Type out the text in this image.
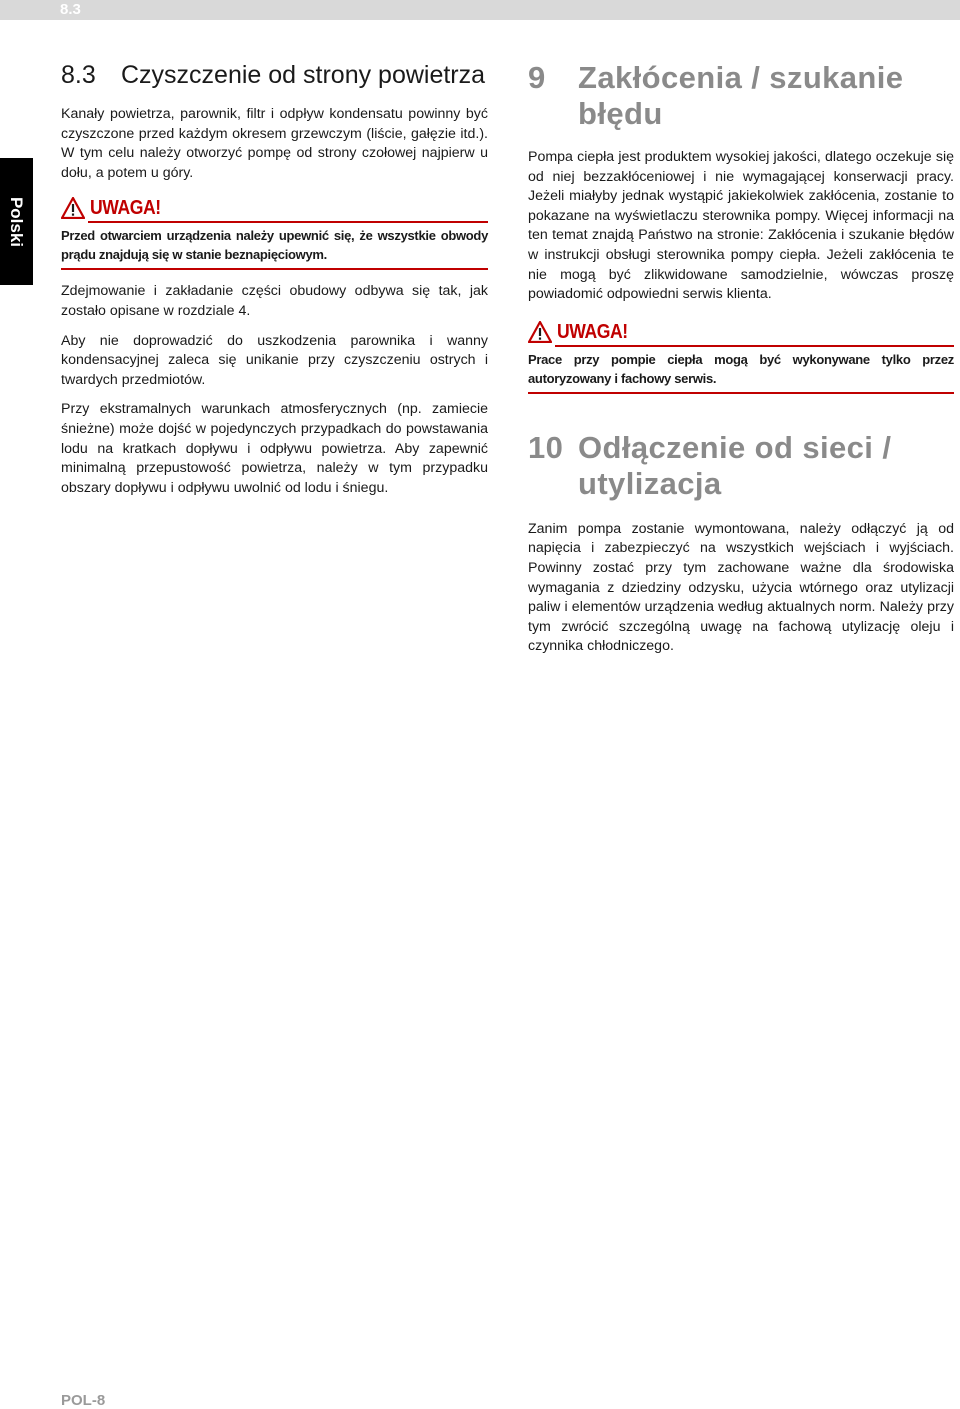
8.3
Polski
8.3	Czyszczenie od strony powietrza

Kanały powietrza, parownik, filtr i odpływ kondensatu powinny być czyszczone przed każdym okresem grzewczym (liście, gałęzie itd.). W tym celu należy otworzyć pompę od strony czołowej najpierw u dołu, a potem u góry.

UWAGA!
Przed otwarciem urządzenia należy upewnić się, że wszystkie obwody prądu znajdują się w stanie beznapięciowym.

Zdejmowanie i zakładanie części obudowy odbywa się tak, jak zostało opisane w rozdziale 4.

Aby nie doprowadzić do uszkodzenia parownika i wanny kondensacyjnej zaleca się unikanie przy czyszczeniu ostrych i twardych przedmiotów.

Przy ekstramalnych warunkach atmosferycznych (np. zamiecie śnieżne) może dojść w pojedynczych przypadkach do powstawania lodu na kratkach dopływu i odpływu powietrza. Aby zapewnić minimalną przepustowość powietrza, należy w tym przypadku obszary dopływu i odpływu uwolnić od lodu i śniegu.

9	Zakłócenia / szukanie błędu

Pompa ciepła jest produktem wysokiej jakości, dlatego oczekuje się od niej bezzakłóceniowej i nie wymagającej konserwacji pracy. Jeżeli miałyby jednak wystąpić jakiekolwiek zakłócenia, zostanie to pokazane na wyświetlaczu sterownika pompy. Więcej informacji na ten temat znajdą Państwo na stronie: Zakłócenia i szukanie błędów w instrukcji obsługi sterownika pompy ciepła. Jeżeli zakłócenia te nie mogą być zlikwidowane samodzielnie, wówczas proszę powiadomić odpowiedni serwis klienta.

UWAGA!
Prace przy pompie ciepła mogą być wykonywane tylko przez autoryzowany i fachowy serwis.
10 Odłączenie od sieci / utylizacja

Zanim pompa zostanie wymontowana, należy odłączyć ją od napięcia i zabezpieczyć na wszystkich wejściach i wyjściach. Powinny zostać przy tym zachowane ważne dla środowiska wymagania z dziedziny odzysku, użycia wtórnego oraz utylizacji paliw i elementów urządzenia według aktualnych norm. Należy przy tym zwrócić szczególną uwagę na fachową utylizację oleju i czynnika chłodniczego.

POL-8
